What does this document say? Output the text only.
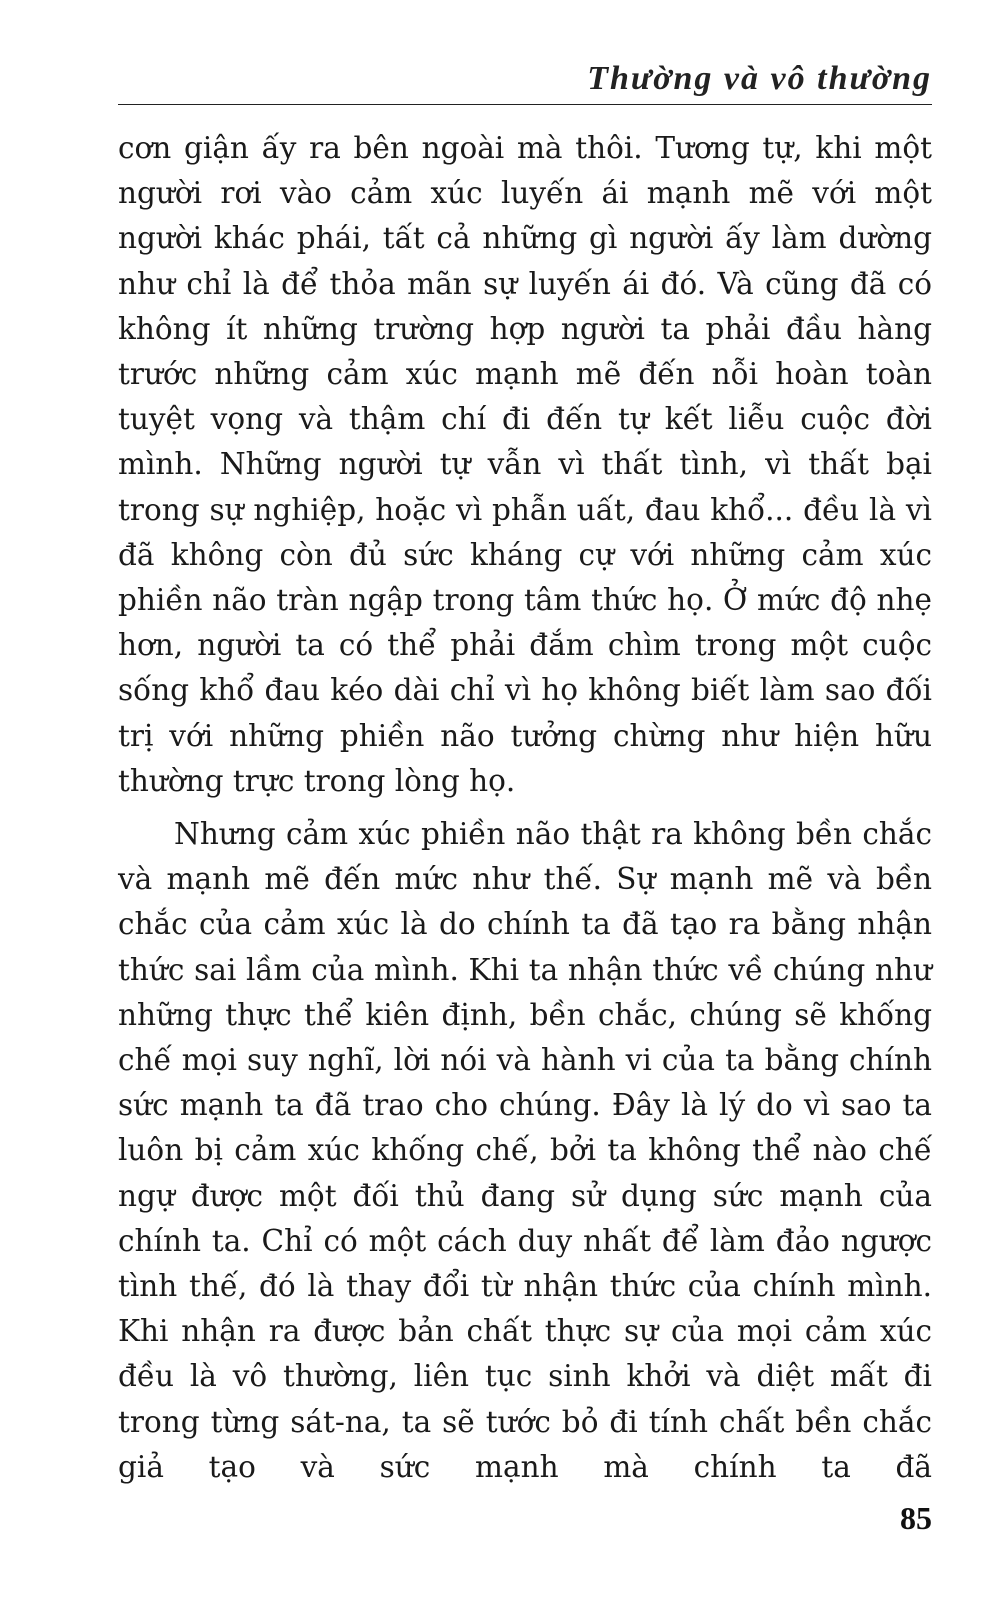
Thường và vô thường

cơn giận ấy ra bên ngoài mà thôi. Tương tự, khi một người rơi vào cảm xúc luyến ái mạnh mẽ với một người khác phái, tất cả những gì người ấy làm dường như chỉ là để thỏa mãn sự luyến ái đó. Và cũng đã có không ít những trường hợp người ta phải đầu hàng trước những cảm xúc mạnh mẽ đến nỗi hoàn toàn tuyệt vọng và thậm chí đi đến tự kết liễu cuộc đời mình. Những người tự vẫn vì thất tình, vì thất bại trong sự nghiệp, hoặc vì phẫn uất, đau khổ... đều là vì đã không còn đủ sức kháng cự với những cảm xúc phiền não tràn ngập trong tâm thức họ. Ở mức độ nhẹ hơn, người ta có thể phải đắm chìm trong một cuộc sống khổ đau kéo dài chỉ vì họ không biết làm sao đối trị với những phiền não tưởng chừng như hiện hữu thường trực trong lòng họ.

Nhưng cảm xúc phiền não thật ra không bền chắc và mạnh mẽ đến mức như thế. Sự mạnh mẽ và bền chắc của cảm xúc là do chính ta đã tạo ra bằng nhận thức sai lầm của mình. Khi ta nhận thức về chúng như những thực thể kiên định, bền chắc, chúng sẽ khống chế mọi suy nghĩ, lời nói và hành vi của ta bằng chính sức mạnh ta đã trao cho chúng. Đây là lý do vì sao ta luôn bị cảm xúc khống chế, bởi ta không thể nào chế ngự được một đối thủ đang sử dụng sức mạnh của chính ta. Chỉ có một cách duy nhất để làm đảo ngược tình thế, đó là thay đổi từ nhận thức của chính mình. Khi nhận ra được bản chất thực sự của mọi cảm xúc đều là vô thường, liên tục sinh khởi và diệt mất đi trong từng sát-na, ta sẽ tước bỏ đi tính chất bền chắc giả tạo và sức mạnh mà chính ta đã

85
